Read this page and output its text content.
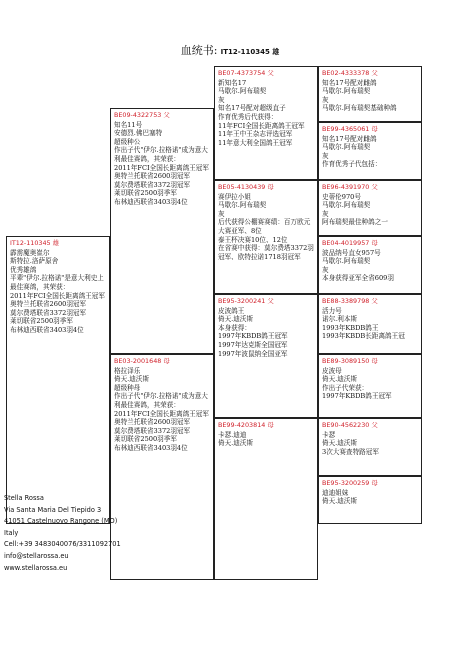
血统书: IT12-110345 雄
IT12-110345 雄
霹雳魔奥崔尔
斯特拉.洛萨原舍
优秀雄鸽
平辈"伊尔.拉格诺"是意大利史上最佳赛鸽，其荣获：
2011年FCI全国长距离鸽王冠军
奥特兰托联省2600羽冠军
莫尔费塔联省3372羽冠军
莱切联省2500羽季军
布林迪西联省3403羽4位
BE09-4322753 父
知名11号
安德烈.佛巴塞特
超级种公
作出子代"伊尔.拉格诺"成为意大利最佳赛鸽，其荣获：
2011年FCI全国长距离鸽王冠军
奥特兰托联省2600羽冠军
莫尔费塔联省3372羽冠军
莱切联省2500羽季军
布林迪西联省3403羽4位
BE03-2001648 母
格拉泽乐
倚天.迪沃斯
超级种母
作出子代"伊尔.拉格诺"成为意大利最佳赛鸽，其荣获：
2011年FCI全国长距离鸽王冠军
奥特兰托联省2600羽冠军
莫尔费塔联省3372羽冠军
莱切联省2500羽季军
布林迪西联省3403羽4位
BE07-4373754 父
新知名17
马歇尔.阿布瑞契
灰
知名17号配对超级直子
作育优秀后代获得：
11年FCI全国长距离鸽王冠军
11年王中王杂志评选冠军
11年意大利全国鸽王冠军
BE05-4130439 母
赛伊拉小姐
马歇尔.阿布瑞契
灰
后代获得公棚赛赛绩：百万欧元大赛亚军、8位
泰王杯决赛10位、12位
在省赛中获得：莫尔费塔3372羽冠军、欧特拉诺1718羽冠军
BE95-3200241 父
皮波鸽王
倚天.迪沃斯
本身获得：
1997年KBDB鸽王冠军
1997年达克斯全国冠军
1997年波鼠纳全国亚军
BE99-4203814 母
卡瑟.迪迪
倚天.迪沃斯
BE02-4333378 父
知名17号配对雌鸽
马歇尔.阿布瑞契
灰
马歇尔.阿布瑞契基础种鸽
BE99-4365061 母
知名17号配对雌鸽
马歇尔.阿布瑞契
灰
作育优秀子代包括：
BE96-4391970 父
史蒂伦970号
马歇尔.阿布瑞契
灰
阿布瑞契最佳种鸽之一
BE04-4019957 母
波品纳号直女957号
马歇尔.阿布瑞契
灰
本身获得亚军全省609羽
BE88-3389798 父
活力号
诺尔.利本斯
1993年KBDB鸽王
1993年KBDB长距离鸽王冠
BE89-3089150 母
皮波母
倚天.迪沃斯
作出子代荣获：
1997年KBDB鸽王冠军
BE90-4562230 父
卡瑟
倚天.迪沃斯
3次大赛查特路冠军
BE95-3200259 母
迪迪姐妹
倚天.迪沃斯
Stella Rossa
Via Santa Maria Del Tiepido 3
41051 Castelnuovo Rangone (MO)
Italy
Cell:+39 3483040076/3311092701
info@stellarossa.eu
www.stellarossa.eu
